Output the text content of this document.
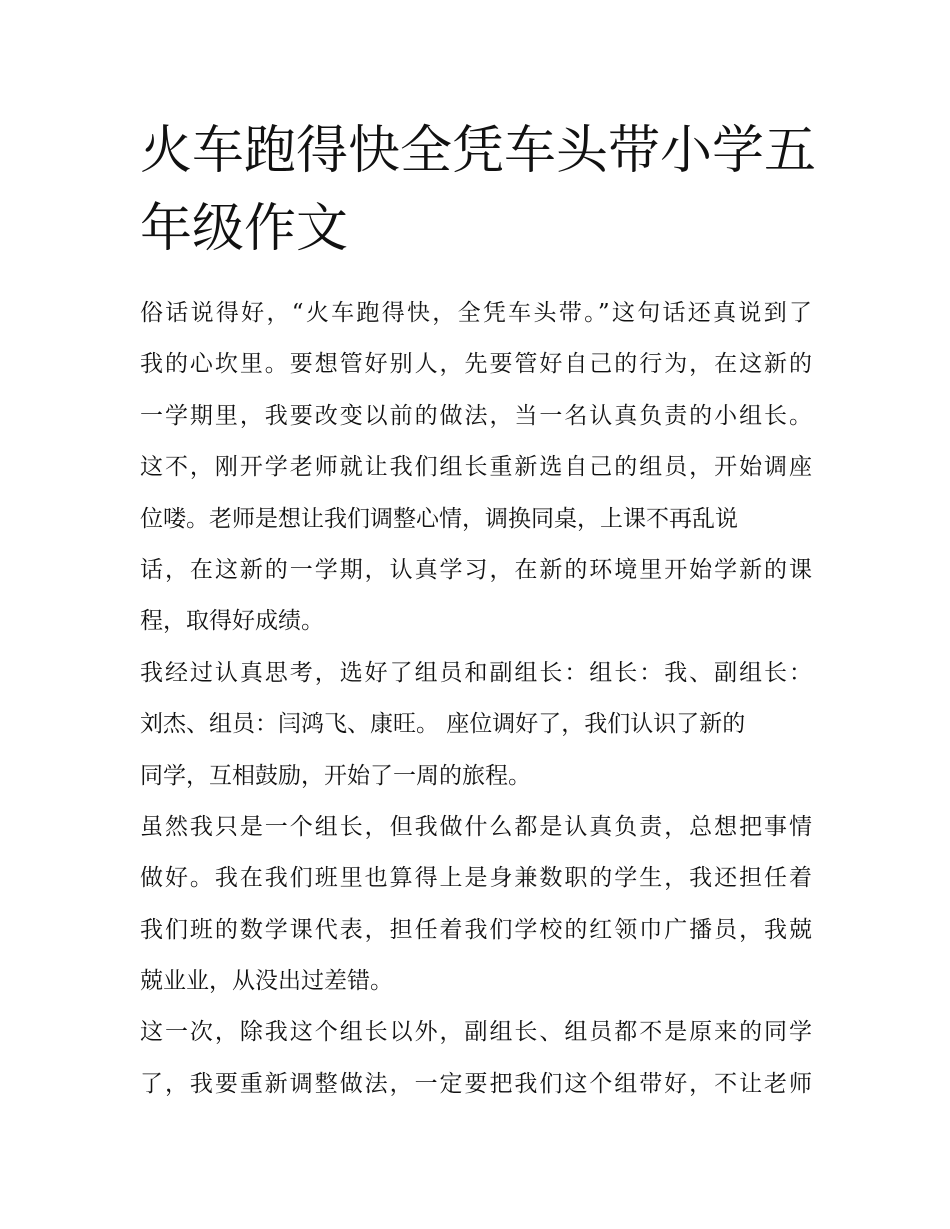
火车跑得快全凭车头带小学五
年级作文
俗话说得好，“火车跑得快，全凭车头带。”这句话还真说到了
我的心坎里。要想管好别人，先要管好自己的行为，在这新的
一学期里，我要改变以前的做法，当一名认真负责的小组长。
这不，刚开学老师就让我们组长重新选自己的组员，开始调座
位喽。老师是想让我们调整心情，调换同桌，上课不再乱说
话，在这新的一学期，认真学习，在新的环境里开始学新的课
程，取得好成绩。
我经过认真思考，选好了组员和副组长：组长：我、副组长：
刘杰、组员：闫鸿飞、康旺。 座位调好了，我们认识了新的
同学，互相鼓励，开始了一周的旅程。
虽然我只是一个组长，但我做什么都是认真负责，总想把事情
做好。我在我们班里也算得上是身兼数职的学生，我还担任着
我们班的数学课代表，担任着我们学校的红领巾广播员，我兢
兢业业，从没出过差错。
这一次，除我这个组长以外，副组长、组员都不是原来的同学
了，我要重新调整做法，一定要把我们这个组带好，不让老师
